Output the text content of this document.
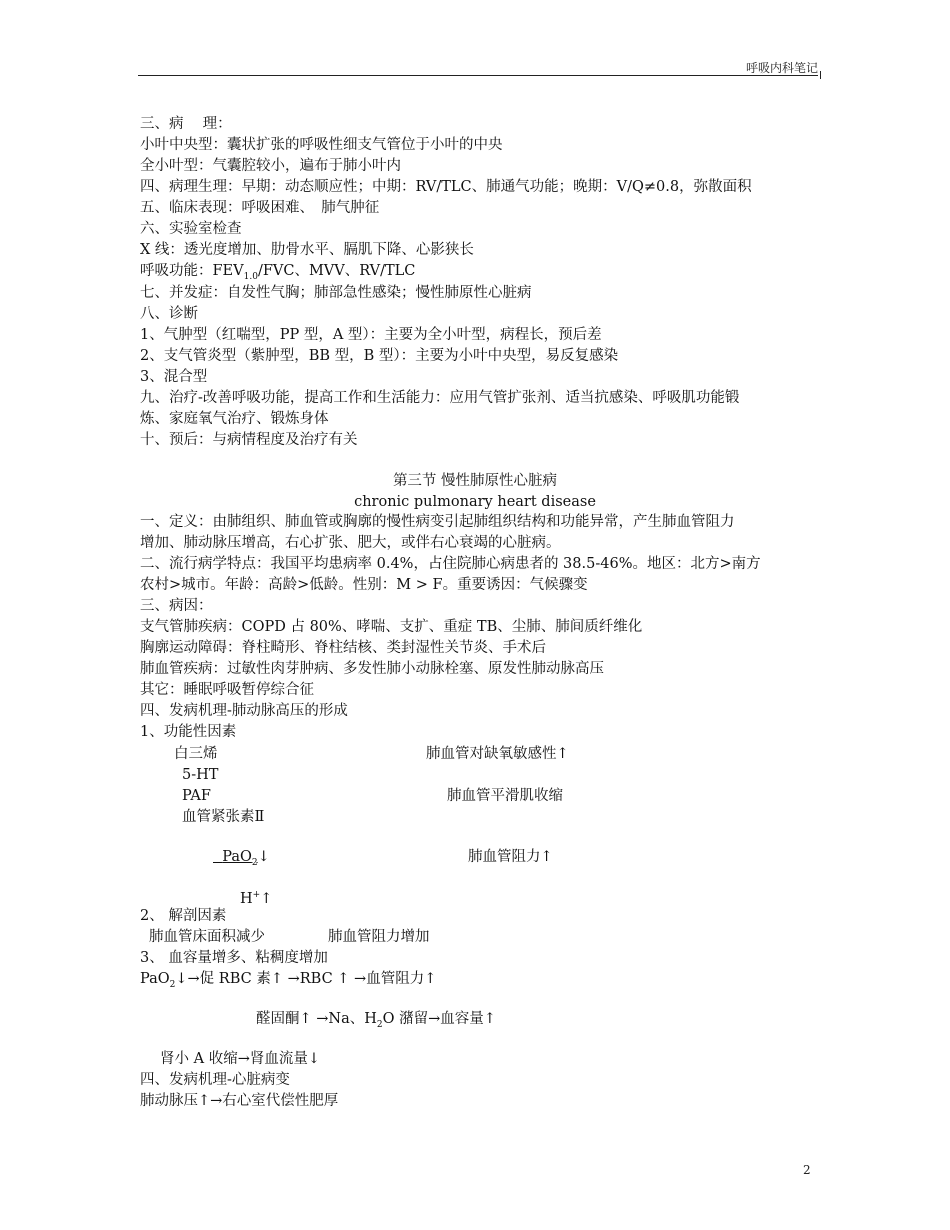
呼吸内科笔记
三、病　 理：
小叶中央型：囊状扩张的呼吸性细支气管位于小叶的中央
全小叶型：气囊腔较小，遍布于肺小叶内
四、病理生理：早期：动态顺应性；中期：RV/TLC、肺通气功能；晚期：V/Q≠0.8，弥散面积
五、临床表现：呼吸困难、　肺气肿征
六、实验室检查
X 线：透光度增加、肋骨水平、膈肌下降、心影狭长
呼吸功能：$FEV_{1.0}$/FVC、MVV、RV/TLC
七、并发症：自发性气胸；肺部急性感染；慢性肺原性心脏病
八、诊断
1、气肿型（红喘型，PP 型，A 型）：主要为全小叶型，病程长，预后差
2、支气管炎型（紫肿型，BB 型，B 型）：主要为小叶中央型，易反复感染
3、混合型
九、治疗-改善呼吸功能，提高工作和生活能力：应用气管扩张剂、适当抗感染、呼吸肌功能锻
炼、家庭氧气治疗、锻炼身体
十、预后：与病情程度及治疗有关
第三节 慢性肺原性心脏病
chronic pulmonary heart disease
一、定义：由肺组织、肺血管或胸廓的慢性病变引起肺组织结构和功能异常，产生肺血管阻力
增加、肺动脉压增高，右心扩张、肥大，或伴右心衰竭的心脏病。
二、流行病学特点：我国平均患病率 0.4%，占住院肺心病患者的 38.5-46%。地区：北方>南方
农村>城市。年龄：高龄>低龄。性别：M > F。重要诱因：气候骤变
三、病因：
支气管肺疾病：COPD 占 80%、哮喘、支扩、重症 TB、尘肺、肺间质纤维化
胸廓运动障碍：脊柱畸形、脊柱结核、类封湿性关节炎、手术后
肺血管疾病：过敏性肉芽肿病、多发性肺小动脉栓塞、原发性肺动脉高压
其它：睡眠呼吸暂停综合征
四、发病机理-肺动脉高压的形成
1、功能性因素
白三烯	肺血管对缺氧敏感性↑
5-HT
PAF	肺血管平滑肌收缩
血管紧张素Ⅱ
PaO$_2$↓	肺血管阻力↑
H+↑
2、 解剖因素
肺血管床面积减少	肺血管阻力增加
3、 血容量增多、粘稠度增加
PaO$_2$↓→促 RBC 素↑ →RBC ↑ →血管阻力↑
醛固酮↑ →Na、$H_2O$ 潴留→血容量↑
肾小 A 收缩→肾血流量↓
四、发病机理-心脏病变
肺动脉压↑→右心室代偿性肥厚
2
